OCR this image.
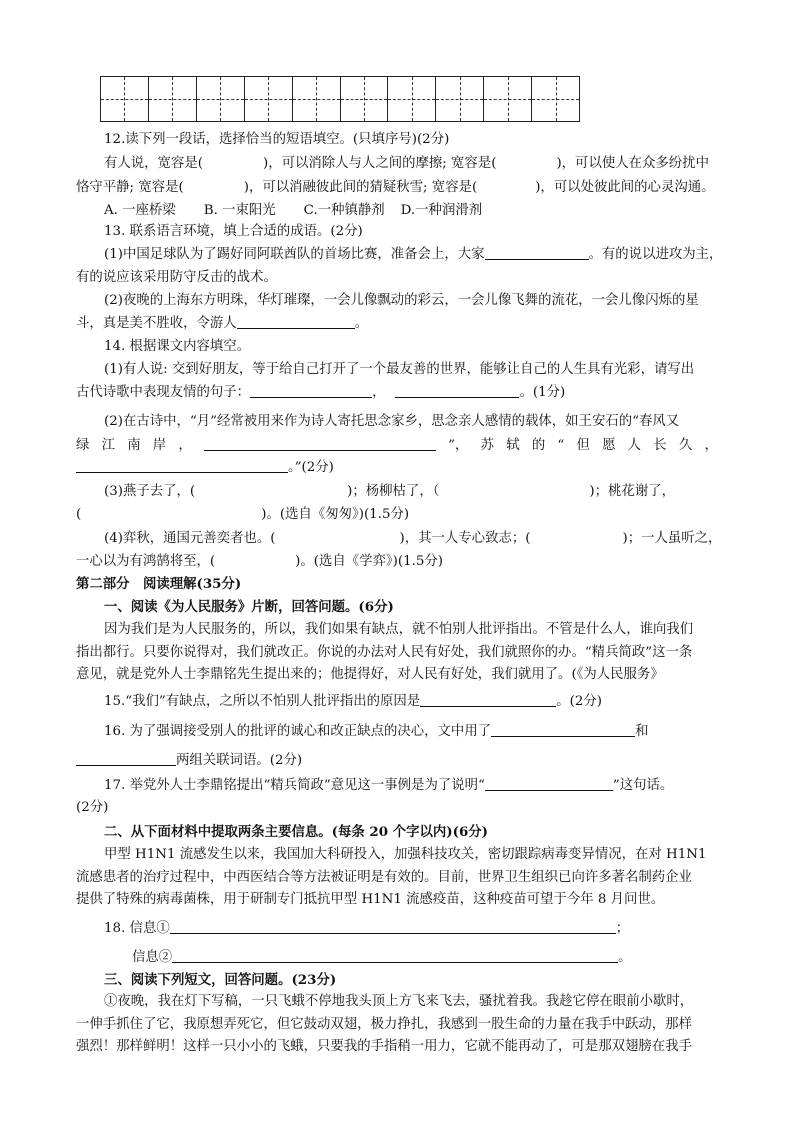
12.读下列一段话，选择恰当的短语填空。(只填序号)(2分)
有人说，宽容是(	)，可以消除人与人之间的摩擦; 宽容是(	)，可以使人在众多纷扰中
恪守平静; 宽容是(	)，可以消融彼此间的猜疑秋雪; 宽容是(	)，可以处彼此间的心灵沟通。
A. 一座桥梁 B. 一束阳光 C.一种镇静剂 D.一种润滑剂
13. 联系语言环境，填上合适的成语。(2分)
(1)中国足球队为了踢好同阿联酋队的首场比赛，准备会上，大家	。有的说以进攻为主，
有的说应该采用防守反击的战术。
(2)夜晚的上海东方明珠，华灯璀璨，一会儿像飘动的彩云，一会儿像飞舞的流花，一会儿像闪烁的星
斗，真是美不胜收，令游人	。
14. 根据课文内容填空。
(1)有人说: 交到好朋友，等于给自己打开了一个最友善的世界，能够让自己的人生具有光彩，请写出
古代诗歌中表现友情的句子：	，	。(1分)
(2)在古诗中，“月”经常被用来作为诗人寄托思念家乡，思念亲人感情的载体，如王安石的“春风又
绿 江 南 岸 ，	”， 苏 轼 的 “ 但 愿 人 长 久 ，
。”(2分)
(3)燕子去了，(	)；杨柳枯了，（	)；桃花谢了，
(	)。(选自《匆匆》)(1.5分)
(4)弈秋，通国元善奕者也。(	)，其一人专心致志；(	)；一人虽听之，
一心以为有鸿鹄将至，(	)。(选自《学弈》)(1.5分)
第二部分　阅读理解(35分)
一、阅读《为人民服务》片断，回答问题。(6分)
因为我们是为人民服务的，所以，我们如果有缺点，就不怕别人批评指出。不管是什么人，谁向我们
指出都行。只要你说得对，我们就改正。你说的办法对人民有好处，我们就照你的办。“精兵简政”这一条
意见，就是党外人士李鼎铭先生提出来的；他提得好，对人民有好处，我们就用了。(《为人民服务》
15.“我们”有缺点，之所以不怕别人批评指出的原因是	。(2分)
16. 为了强调接受别人的批评的诚心和改正缺点的决心，文中用了	和
两组关联词语。(2分)
17. 举党外人士李鼎铭提出“精兵简政”意见这一事例是为了说明“	”这句话。
(2分)
二、从下面材料中提取两条主要信息。(每条 20 个字以内)(6分)
甲型 H1N1 流感发生以来，我国加大科研投入，加强科技攻关，密切跟踪病毒变异情况，在对 H1N1
流感患者的治疗过程中，中西医结合等方法被证明是有效的。目前，世界卫生组织已向许多著名制药企业
提供了特殊的病毒菌株，用于研制专门抵抗甲型 H1N1 流感疫苗，这种疫苗可望于今年 8 月问世。
18. 信息①	；
信息②	。
三、阅读下列短文，回答问题。(23分)
①夜晚，我在灯下写稿，一只飞蛾不停地我头顶上方飞来飞去，骚扰着我。我趁它停在眼前小歇时，
一伸手抓住了它，我原想弄死它，但它鼓动双翅，极力挣扎，我感到一股生命的力量在我手中跃动，那样
强烈！那样鲜明！这样一只小小的飞蛾，只要我的手指稍一用力，它就不能再动了，可是那双翅膀在我手
